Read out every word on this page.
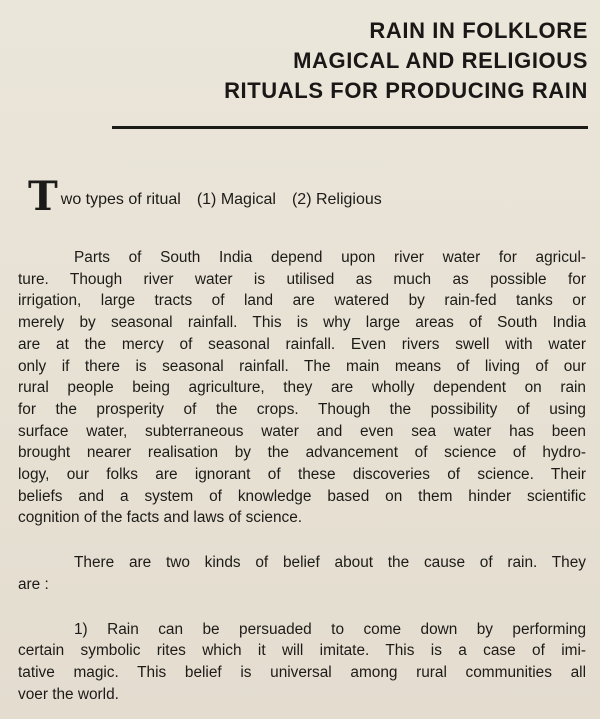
RAIN IN FOLKLORE
MAGICAL AND RELIGIOUS
RITUALS FOR PRODUCING RAIN
Two types of ritual (1) Magical (2) Religious
Parts of South India depend upon river water for agricul-
ture. Though river water is utilised as much as possible for
irrigation, large tracts of land are watered by rain-fed tanks or
merely by seasonal rainfall. This is why large areas of South India
are at the mercy of seasonal rainfall. Even rivers swell with water
only if there is seasonal rainfall. The main means of living of our
rural people being agriculture, they are wholly dependent on rain
for the prosperity of the crops. Though the possibility of using
surface water, subterraneous water and even sea water has been
brought nearer realisation by the advancement of science of hydro-
logy, our folks are ignorant of these discoveries of science. Their
beliefs and a system of knowledge based on them hinder scientific
cognition of the facts and laws of science.
There are two kinds of belief about the cause of rain. They
are :
1) Rain can be persuaded to come down by performing
certain symbolic rites which it will imitate. This is a case of imi-
tative magic. This belief is universal among rural communities all
voer the world.
